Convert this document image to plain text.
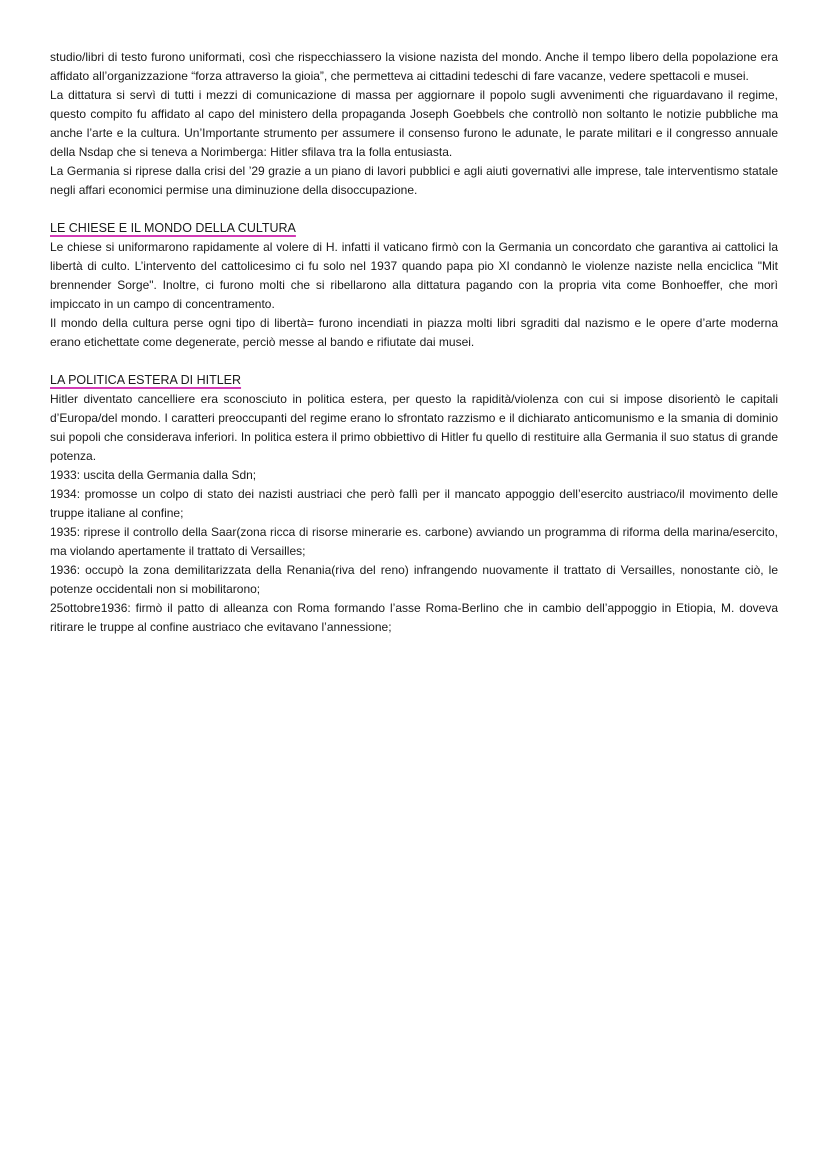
studio/libri di testo furono uniformati, così che rispecchiassero la visione nazista del mondo. Anche il tempo libero della popolazione era affidato all’organizzazione “forza attraverso la gioia”, che permetteva ai cittadini tedeschi di fare vacanze, vedere spettacoli e musei.

La dittatura si servì di tutti i mezzi di comunicazione di massa per aggiornare il popolo sugli avvenimenti che riguardavano il regime, questo compito fu affidato al capo del ministero della propaganda Joseph Goebbels che controllò non soltanto le notizie pubbliche ma anche l’arte e la cultura. Un’Importante strumento per assumere il consenso furono le adunate, le parate militari e il congresso annuale della Nsdap che si teneva a Norimberga: Hitler sfilava tra la folla entusiasta.

La Germania si riprese dalla crisi del ’29 grazie a un piano di lavori pubblici e agli aiuti governativi alle imprese, tale interventismo statale negli affari economici permise una diminuzione della disoccupazione.

LE CHIESE E IL MONDO DELLA CULTURA

Le chiese si uniformarono rapidamente al volere di H. infatti il vaticano firmò con la Germania un concordato che garantiva ai cattolici la libertà di culto. L’intervento del cattolicesimo ci fu solo nel 1937 quando papa pio XI condannò le violenze naziste nella enciclica "Mit brennender Sorge". Inoltre, ci furono molti che si ribellarono alla dittatura pagando con la propria vita come Bonhoeffer, che morì impiccato in un campo di concentramento.

Il mondo della cultura perse ogni tipo di libertà= furono incendiati in piazza molti libri sgraditi dal nazismo e le opere d’arte moderna erano etichettate come degenerate, perciò messe al bando e rifiutate dai musei.

LA POLITICA ESTERA DI HITLER

Hitler diventato cancelliere era sconosciuto in politica estera, per questo la rapidità/violenza con cui si impose disorientò le capitali d’Europa/del mondo. I caratteri preoccupanti del regime erano lo sfrontato razzismo e il dichiarato anticomunismo e la smania di dominio sui popoli che considerava inferiori. In politica estera il primo obbiettivo di Hitler fu quello di restituire alla Germania il suo status di grande potenza.

1933: uscita della Germania dalla Sdn;

1934: promosse un colpo di stato dei nazisti austriaci che però fallì per il mancato appoggio dell’esercito austriaco/il movimento delle truppe italiane al confine;

1935: riprese il controllo della Saar(zona ricca di risorse minerarie es. carbone) avviando un programma di riforma della marina/esercito, ma violando apertamente il trattato di Versailles;

1936: occupò la zona demilitarizzata della Renania(riva del reno) infrangendo nuovamente il trattato di Versailles, nonostante ciò, le potenze occidentali non si mobilitarono;

25ottobre1936: firmò il patto di alleanza con Roma formando l’asse Roma-Berlino che in cambio dell’appoggio in Etiopia, M. doveva ritirare le truppe al confine austriaco che evitavano l’annessione;
